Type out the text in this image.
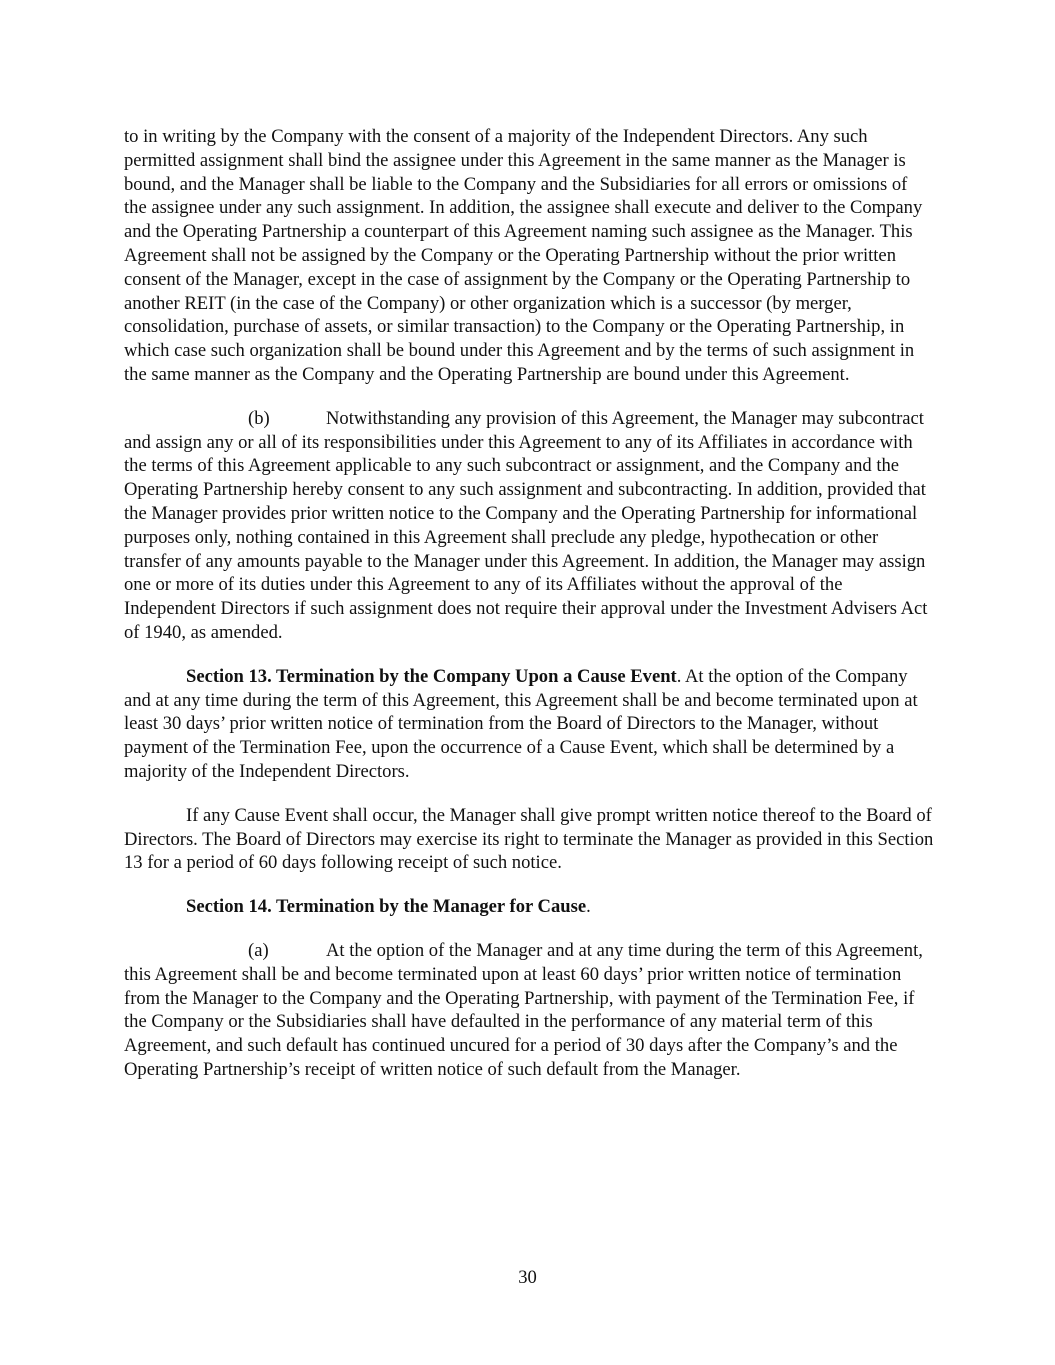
to in writing by the Company with the consent of a majority of the Independent Directors. Any such permitted assignment shall bind the assignee under this Agreement in the same manner as the Manager is bound, and the Manager shall be liable to the Company and the Subsidiaries for all errors or omissions of the assignee under any such assignment. In addition, the assignee shall execute and deliver to the Company and the Operating Partnership a counterpart of this Agreement naming such assignee as the Manager. This Agreement shall not be assigned by the Company or the Operating Partnership without the prior written consent of the Manager, except in the case of assignment by the Company or the Operating Partnership to another REIT (in the case of the Company) or other organization which is a successor (by merger, consolidation, purchase of assets, or similar transaction) to the Company or the Operating Partnership, in which case such organization shall be bound under this Agreement and by the terms of such assignment in the same manner as the Company and the Operating Partnership are bound under this Agreement.

(b)	Notwithstanding any provision of this Agreement, the Manager may subcontract and assign any or all of its responsibilities under this Agreement to any of its Affiliates in accordance with the terms of this Agreement applicable to any such subcontract or assignment, and the Company and the Operating Partnership hereby consent to any such assignment and subcontracting. In addition, provided that the Manager provides prior written notice to the Company and the Operating Partnership for informational purposes only, nothing contained in this Agreement shall preclude any pledge, hypothecation or other transfer of any amounts payable to the Manager under this Agreement. In addition, the Manager may assign one or more of its duties under this Agreement to any of its Affiliates without the approval of the Independent Directors if such assignment does not require their approval under the Investment Advisers Act of 1940, as amended.

Section 13. Termination by the Company Upon a Cause Event. At the option of the Company and at any time during the term of this Agreement, this Agreement shall be and become terminated upon at least 30 days’ prior written notice of termination from the Board of Directors to the Manager, without payment of the Termination Fee, upon the occurrence of a Cause Event, which shall be determined by a majority of the Independent Directors.

If any Cause Event shall occur, the Manager shall give prompt written notice thereof to the Board of Directors. The Board of Directors may exercise its right to terminate the Manager as provided in this Section 13 for a period of 60 days following receipt of such notice.

Section 14. Termination by the Manager for Cause.

(a)	At the option of the Manager and at any time during the term of this Agreement, this Agreement shall be and become terminated upon at least 60 days’ prior written notice of termination from the Manager to the Company and the Operating Partnership, with payment of the Termination Fee, if the Company or the Subsidiaries shall have defaulted in the performance of any material term of this Agreement, and such default has continued uncured for a period of 30 days after the Company’s and the Operating Partnership’s receipt of written notice of such default from the Manager.

30
